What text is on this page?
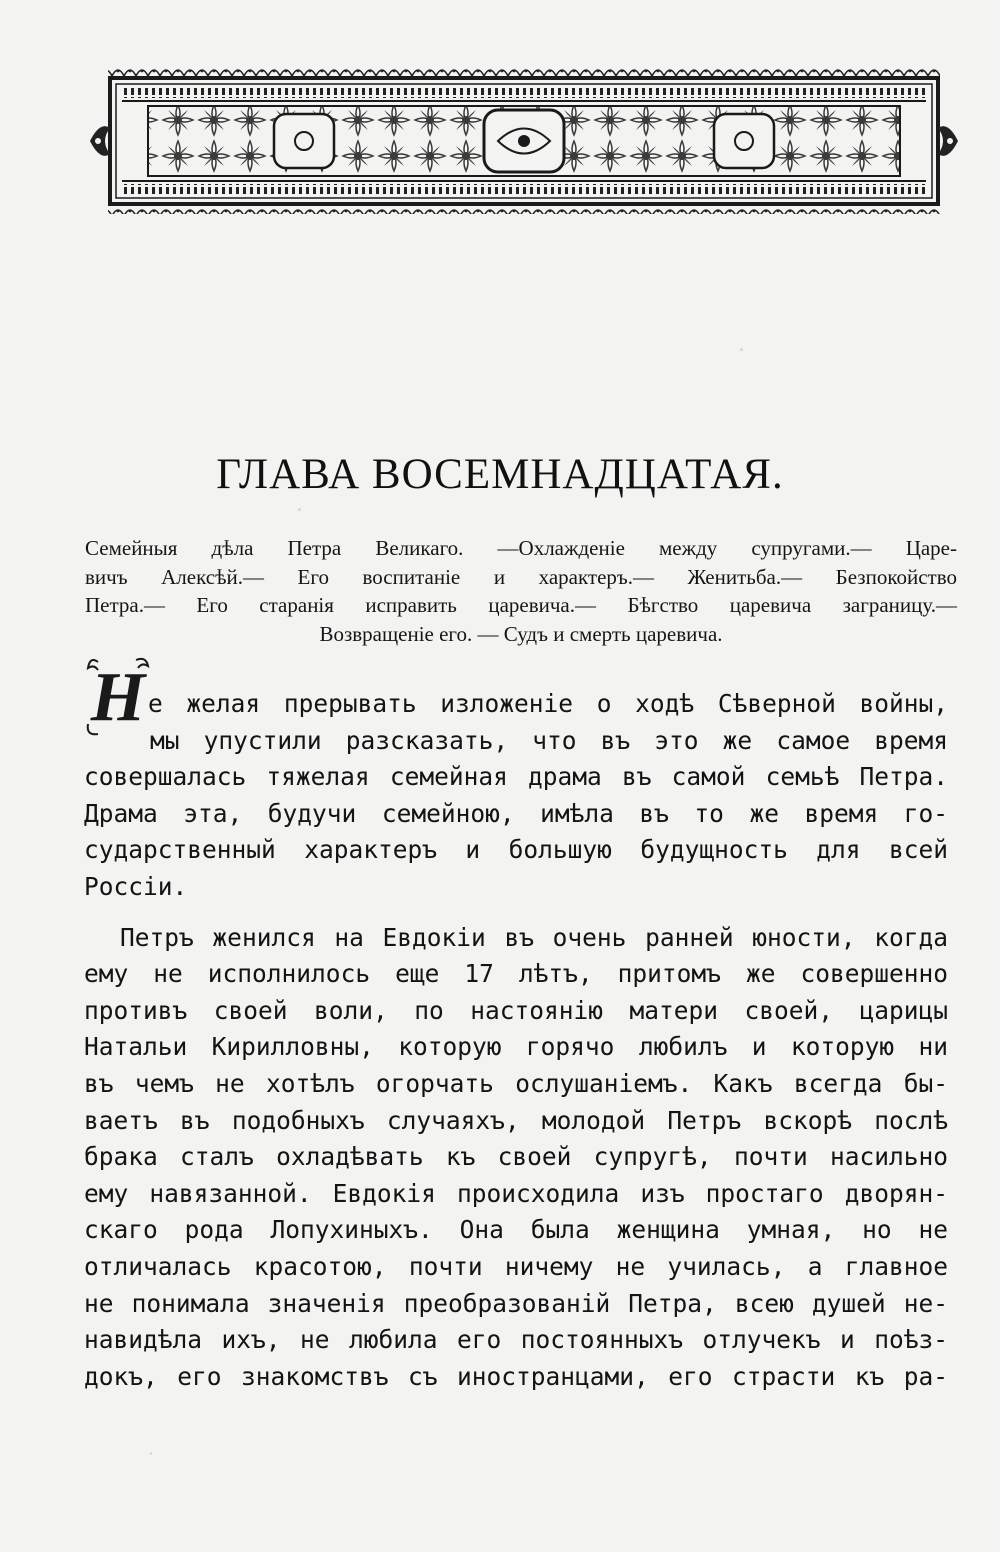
ГЛАВА ВОСЕМНАДЦАТАЯ.
Семейныя дѣла Петра Великаго. —Охлажденіе между супругами.— Царе-
вичъ Алексѣй.— Его воспитаніе и характеръ.— Женитьба.— Безпокойство
Петра.— Его старанія исправить царевича.— Бѣгство царевича заграницу.—
Возвращеніе его. — Судъ и смерть царевича.
Н е желая прерывать изложеніе о ходѣ Сѣверной войны,
мы упустили разсказать, что въ это же самое время
совершалась тяжелая семейная драма въ самой семьѣ Петра.
Драма эта, будучи семейною, имѣла въ то же время го-
сударственный характеръ и большую будущность для всей
Россіи.
Петръ женился на Евдокіи въ очень ранней юности, когда
ему не исполнилось еще 17 лѣтъ, притомъ же совершенно
противъ своей воли, по настоянію матери своей, царицы
Натальи Кирилловны, которую горячо любилъ и которую ни
въ чемъ не хотѣлъ огорчать ослушаніемъ. Какъ всегда бы-
ваетъ въ подобныхъ случаяхъ, молодой Петръ вскорѣ послѣ
брака сталъ охладѣвать къ своей супругѣ, почти насильно
ему навязанной. Евдокія происходила изъ простаго дворян-
скаго рода Лопухиныхъ. Она была женщина умная, но не
отличалась красотою, почти ничему не училась, а главное
не понимала значенія преобразованій Петра, всею душей не-
навидѣла ихъ, не любила его постоянныхъ отлучекъ и поѣз-
докъ, его знакомствъ съ иностранцами, его страсти къ ра-
